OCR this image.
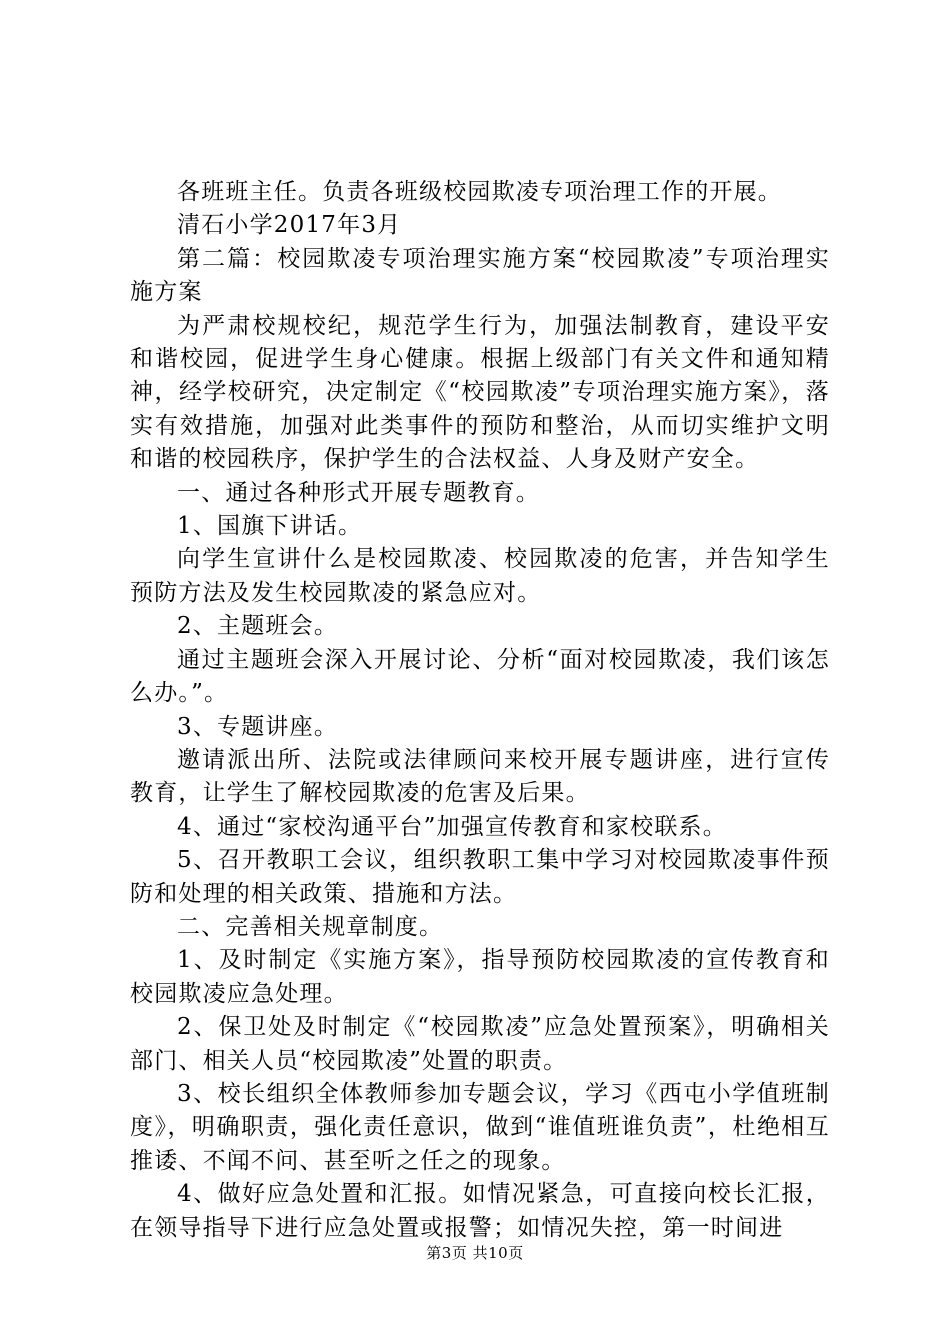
各班班主任。负责各班级校园欺凌专项治理工作的开展。

清石小学2017年3月

第二篇：校园欺凌专项治理实施方案“校园欺凌”专项治理实施方案

为严肃校规校纪，规范学生行为，加强法制教育，建设平安和谐校园，促进学生身心健康。根据上级部门有关文件和通知精神，经学校研究，决定制定《“校园欺凌”专项治理实施方案》，落实有效措施，加强对此类事件的预防和整治，从而切实维护文明和谐的校园秩序，保护学生的合法权益、人身及财产安全。

一、通过各种形式开展专题教育。

1、国旗下讲话。

向学生宣讲什么是校园欺凌、校园欺凌的危害，并告知学生预防方法及发生校园欺凌的紧急应对。

2、主题班会。

通过主题班会深入开展讨论、分析“面对校园欺凌，我们该怎么办。”。

3、专题讲座。

邀请派出所、法院或法律顾问来校开展专题讲座，进行宣传教育，让学生了解校园欺凌的危害及后果。

4、通过“家校沟通平台”加强宣传教育和家校联系。

5、召开教职工会议，组织教职工集中学习对校园欺凌事件预防和处理的相关政策、措施和方法。

二、完善相关规章制度。

1、及时制定《实施方案》，指导预防校园欺凌的宣传教育和校园欺凌应急处理。

2、保卫处及时制定《“校园欺凌”应急处置预案》，明确相关部门、相关人员“校园欺凌”处置的职责。

3、校长组织全体教师参加专题会议，学习《西屯小学值班制度》，明确职责，强化责任意识，做到“谁值班谁负责”，杜绝相互推诿、不闻不问、甚至听之任之的现象。

4、做好应急处置和汇报。如情况紧急，可直接向校长汇报，在领导指导下进行应急处置或报警；如情况失控，第一时间进

第3页 共10页
